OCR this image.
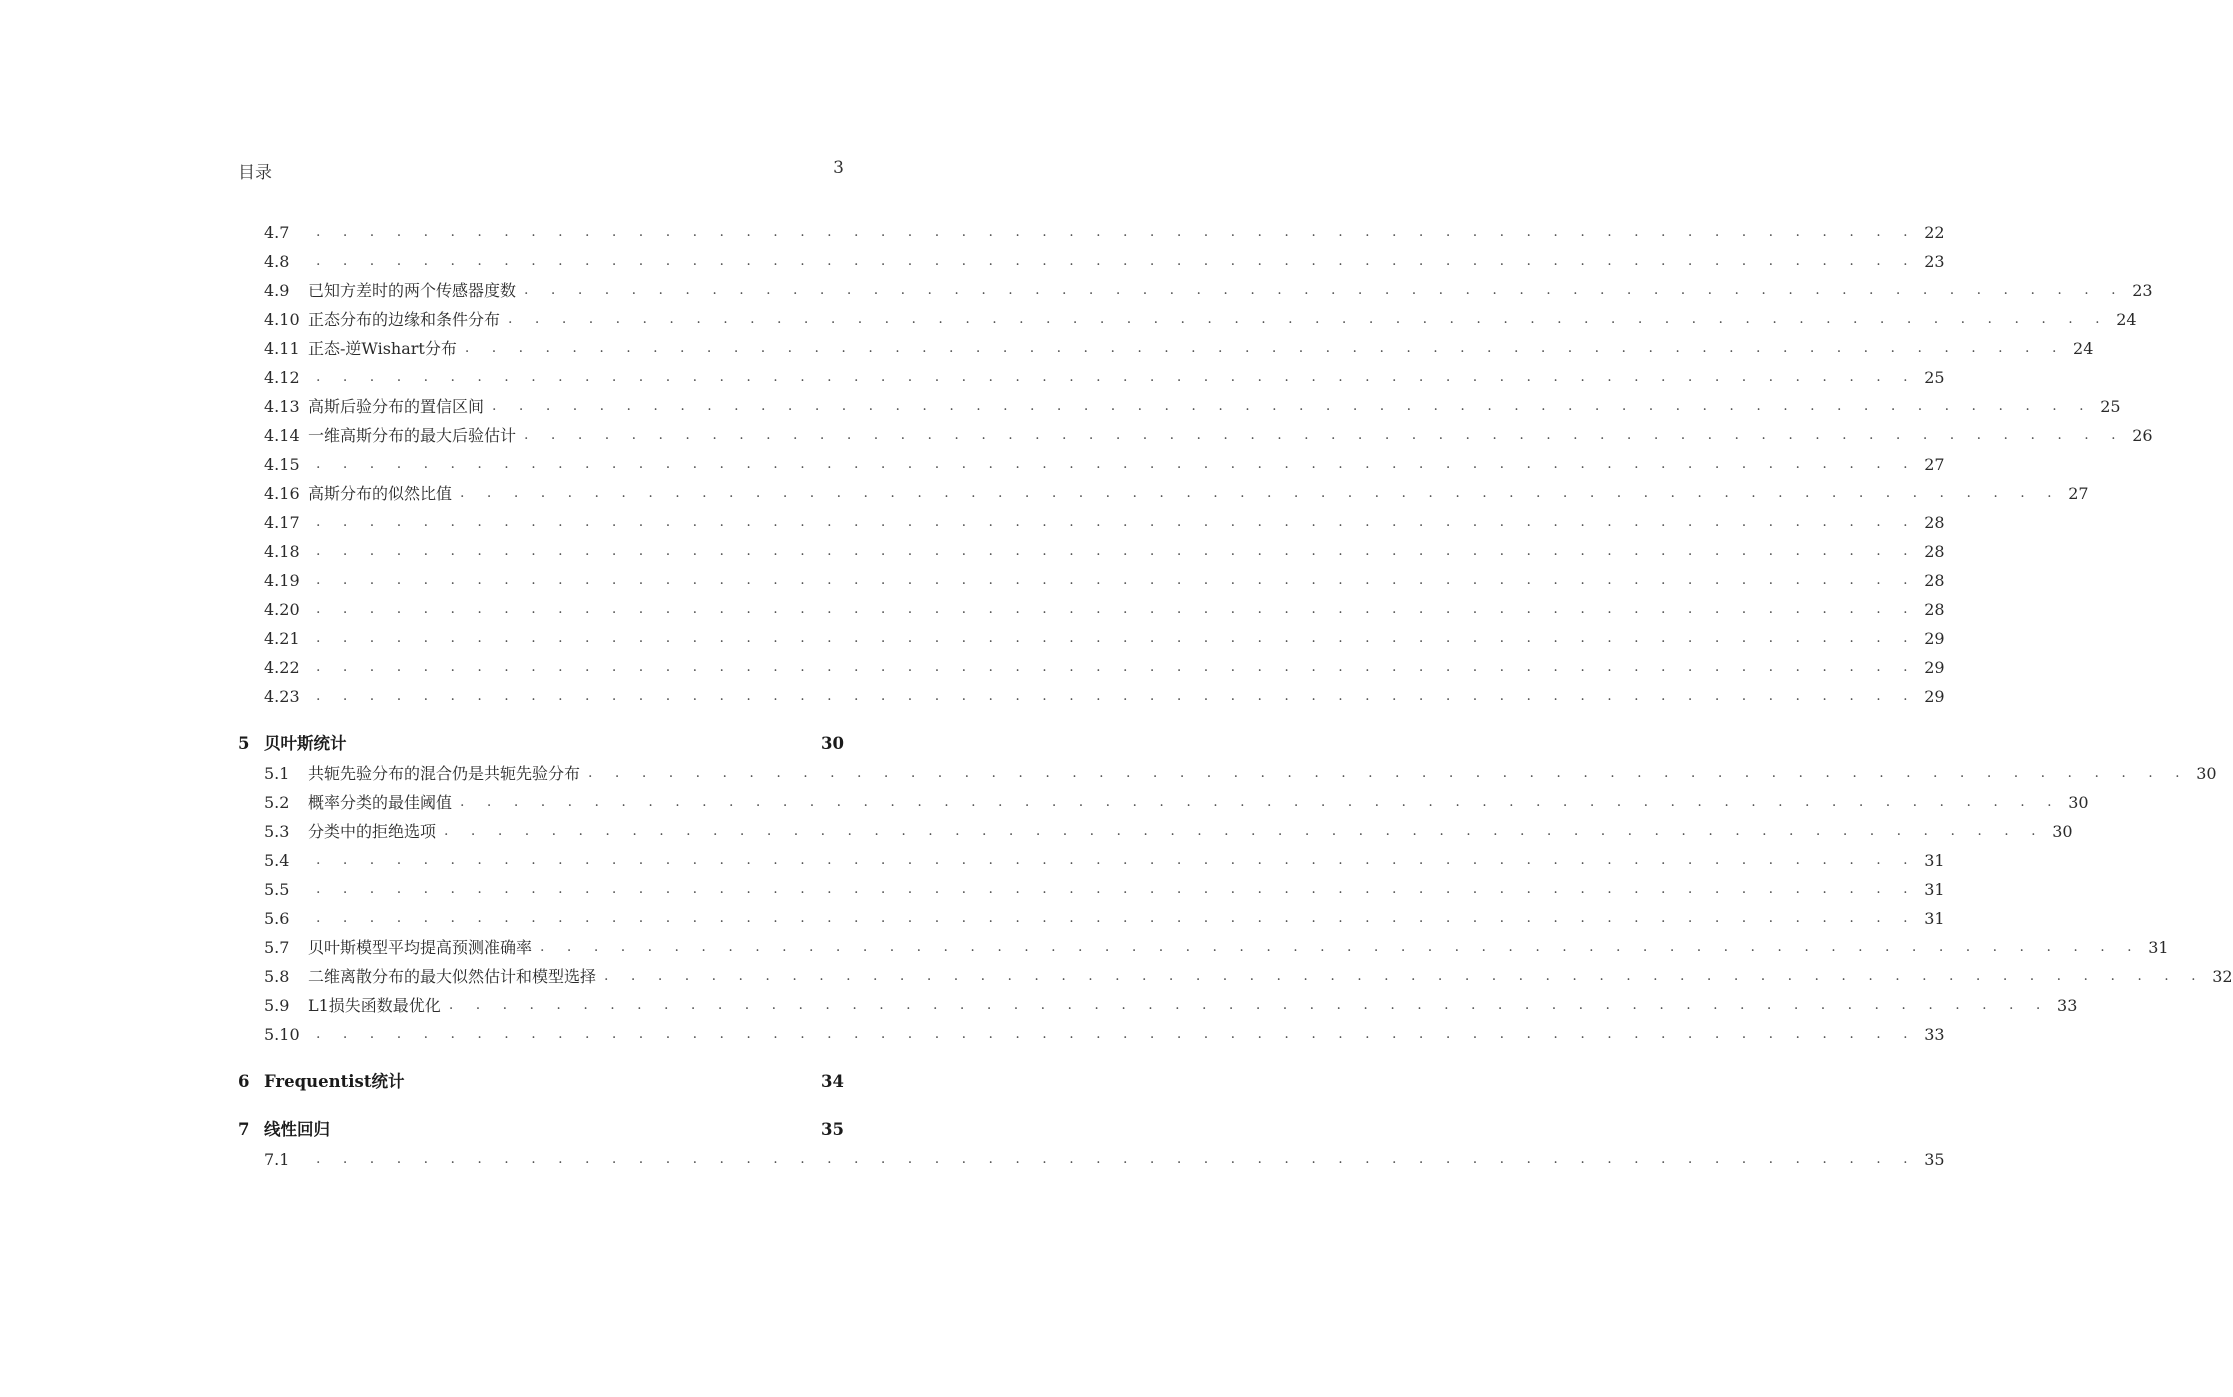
目录	3
4.7	. . . . . . . . . . . . . . . . . . . . . . . . . . . . . . . . . . . . . . . . . . . . . . . . . . . . . . . . . . . . 22
4.8	. . . . . . . . . . . . . . . . . . . . . . . . . . . . . . . . . . . . . . . . . . . . . . . . . . . . . . . . . . . . 23
4.9	已知方差时的两个传感器度数 . . . . . . . . . . . . . . . . . . . . . . . . . . . . . . . . . . . . . . . . . . . . . . . . . . . . . . . . . . . . 23
4.10 正态分布的边缘和条件分布 . . . . . . . . . . . . . . . . . . . . . . . . . . . . . . . . . . . . . . . . . . . . . . . . . . . . . . . . . . . . 24
4.11 正态-逆Wishart分布 . . . . . . . . . . . . . . . . . . . . . . . . . . . . . . . . . . . . . . . . . . . . . . . . . . . . . . . . . . . . 24
4.12	. . . . . . . . . . . . . . . . . . . . . . . . . . . . . . . . . . . . . . . . . . . . . . . . . . . . . . . . . . . . 25
4.13 高斯后验分布的置信区间 . . . . . . . . . . . . . . . . . . . . . . . . . . . . . . . . . . . . . . . . . . . . . . . . . . . . . . . . . . . . 25
4.14 一维高斯分布的最大后验估计 . . . . . . . . . . . . . . . . . . . . . . . . . . . . . . . . . . . . . . . . . . . . . . . . . . . . . . . . . . . . 26
4.15	. . . . . . . . . . . . . . . . . . . . . . . . . . . . . . . . . . . . . . . . . . . . . . . . . . . . . . . . . . . . 27
4.16 高斯分布的似然比值 . . . . . . . . . . . . . . . . . . . . . . . . . . . . . . . . . . . . . . . . . . . . . . . . . . . . . . . . . . . . 27
4.17	. . . . . . . . . . . . . . . . . . . . . . . . . . . . . . . . . . . . . . . . . . . . . . . . . . . . . . . . . . . . 28
4.18	. . . . . . . . . . . . . . . . . . . . . . . . . . . . . . . . . . . . . . . . . . . . . . . . . . . . . . . . . . . . 28
4.19	. . . . . . . . . . . . . . . . . . . . . . . . . . . . . . . . . . . . . . . . . . . . . . . . . . . . . . . . . . . . 28
4.20	. . . . . . . . . . . . . . . . . . . . . . . . . . . . . . . . . . . . . . . . . . . . . . . . . . . . . . . . . . . . 28
4.21	. . . . . . . . . . . . . . . . . . . . . . . . . . . . . . . . . . . . . . . . . . . . . . . . . . . . . . . . . . . . 29
4.22	. . . . . . . . . . . . . . . . . . . . . . . . . . . . . . . . . . . . . . . . . . . . . . . . . . . . . . . . . . . . 29
4.23	. . . . . . . . . . . . . . . . . . . . . . . . . . . . . . . . . . . . . . . . . . . . . . . . . . . . . . . . . . . . 29
5 贝叶斯统计	30
5.1	共轭先验分布的混合仍是共轭先验分布 . . . . . . . . . . . . . . . . . . . . . . . . . . . . . . . . . . . . . . . . . . . . . . . . . . . . . . . . . . . . 30
5.2	概率分类的最佳阈值 . . . . . . . . . . . . . . . . . . . . . . . . . . . . . . . . . . . . . . . . . . . . . . . . . . . . . . . . . . . . 30
5.3	分类中的拒绝选项 . . . . . . . . . . . . . . . . . . . . . . . . . . . . . . . . . . . . . . . . . . . . . . . . . . . . . . . . . . . . 30
5.4	. . . . . . . . . . . . . . . . . . . . . . . . . . . . . . . . . . . . . . . . . . . . . . . . . . . . . . . . . . . . 31
5.5	. . . . . . . . . . . . . . . . . . . . . . . . . . . . . . . . . . . . . . . . . . . . . . . . . . . . . . . . . . . . 31
5.6	. . . . . . . . . . . . . . . . . . . . . . . . . . . . . . . . . . . . . . . . . . . . . . . . . . . . . . . . . . . . 31
5.7	贝叶斯模型平均提高预测准确率 . . . . . . . . . . . . . . . . . . . . . . . . . . . . . . . . . . . . . . . . . . . . . . . . . . . . . . . . . . . . 31
5.8	二维离散分布的最大似然估计和模型选择 . . . . . . . . . . . . . . . . . . . . . . . . . . . . . . . . . . . . . . . . . . . . . . . . . . . . . . . . . . . . 32
5.9	L1损失函数最优化 . . . . . . . . . . . . . . . . . . . . . . . . . . . . . . . . . . . . . . . . . . . . . . . . . . . . . . . . . . . . 33
5.10	. . . . . . . . . . . . . . . . . . . . . . . . . . . . . . . . . . . . . . . . . . . . . . . . . . . . . . . . . . . . 33
6 Frequentist统计	34
7 线性回归	35
7.1	. . . . . . . . . . . . . . . . . . . . . . . . . . . . . . . . . . . . . . . . . . . . . . . . . . . . . . . . . . . . 35
